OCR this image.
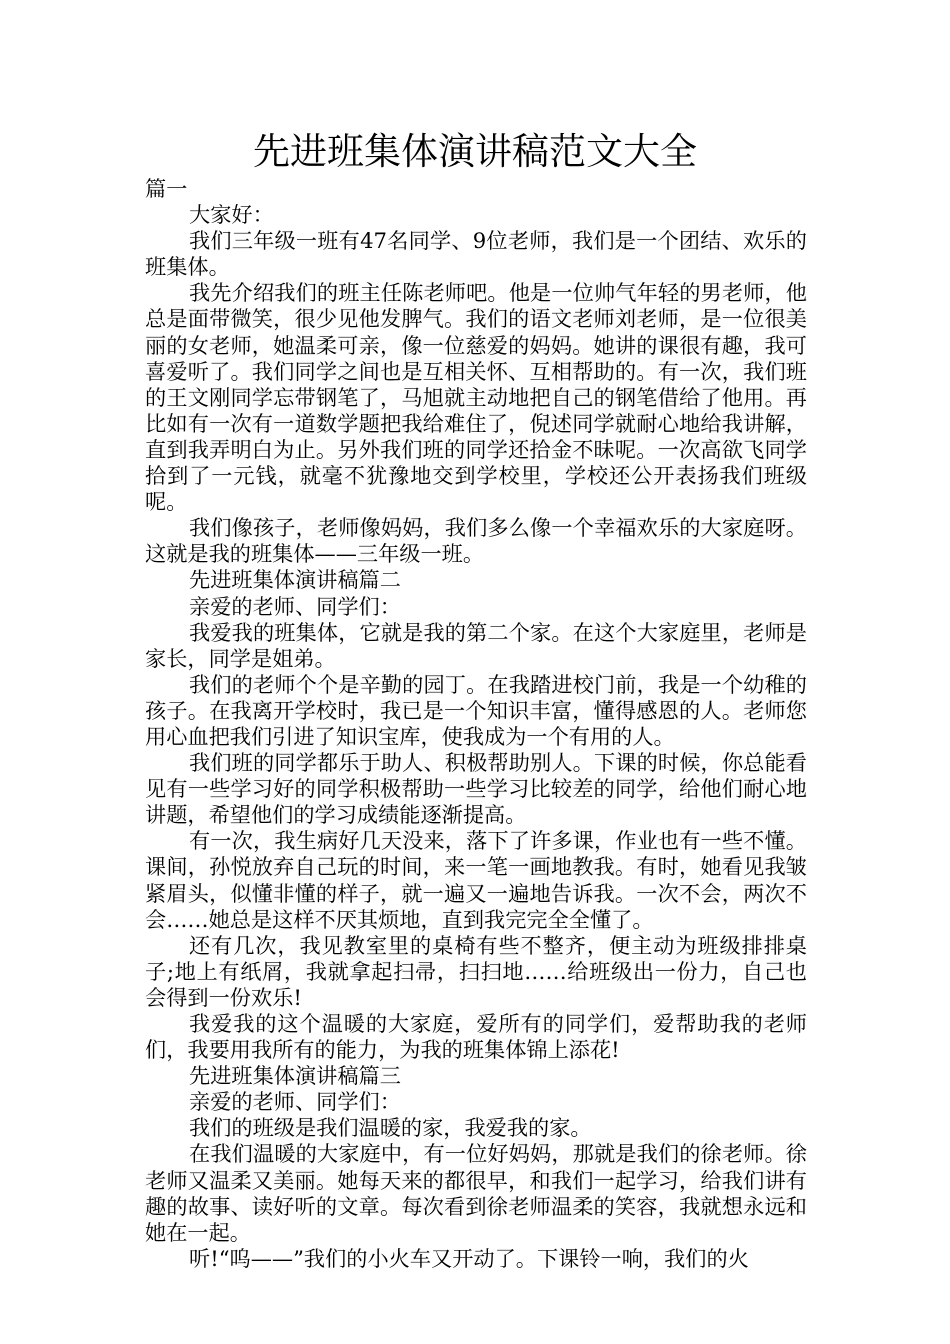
先进班集体演讲稿范文大全

篇一

大家好：

我们三年级一班有47名同学、9位老师，我们是一个团结、欢乐的班集体。

我先介绍我们的班主任陈老师吧。他是一位帅气年轻的男老师，他总是面带微笑，很少见他发脾气。我们的语文老师刘老师，是一位很美丽的女老师，她温柔可亲，像一位慈爱的妈妈。她讲的课很有趣，我可喜爱听了。我们同学之间也是互相关怀、互相帮助的。有一次，我们班的王文刚同学忘带钢笔了，马旭就主动地把自己的钢笔借给了他用。再比如有一次有一道数学题把我给难住了，倪述同学就耐心地给我讲解，直到我弄明白为止。另外我们班的同学还拾金不昧呢。一次高欲飞同学拾到了一元钱，就毫不犹豫地交到学校里，学校还公开表扬我们班级呢。

我们像孩子，老师像妈妈，我们多么像一个幸福欢乐的大家庭呀。这就是我的班集体——三年级一班。

先进班集体演讲稿篇二

亲爱的老师、同学们：

我爱我的班集体，它就是我的第二个家。在这个大家庭里，老师是家长，同学是姐弟。

我们的老师个个是辛勤的园丁。在我踏进校门前，我是一个幼稚的孩子。在我离开学校时，我已是一个知识丰富，懂得感恩的人。老师您用心血把我们引进了知识宝库，使我成为一个有用的人。

我们班的同学都乐于助人、积极帮助别人。下课的时候，你总能看见有一些学习好的同学积极帮助一些学习比较差的同学，给他们耐心地讲题，希望他们的学习成绩能逐渐提高。

有一次，我生病好几天没来，落下了许多课，作业也有一些不懂。课间，孙悦放弃自己玩的时间，来一笔一画地教我。有时，她看见我皱紧眉头，似懂非懂的样子，就一遍又一遍地告诉我。一次不会，两次不会……她总是这样不厌其烦地，直到我完完全全懂了。

还有几次，我见教室里的桌椅有些不整齐，便主动为班级排排桌子;地上有纸屑，我就拿起扫帚，扫扫地……给班级出一份力，自己也会得到一份欢乐!

我爱我的这个温暖的大家庭，爱所有的同学们，爱帮助我的老师们，我要用我所有的能力，为我的班集体锦上添花!

先进班集体演讲稿篇三

亲爱的老师、同学们：

我们的班级是我们温暖的家，我爱我的家。

在我们温暖的大家庭中，有一位好妈妈，那就是我们的徐老师。徐老师又温柔又美丽。她每天来的都很早，和我们一起学习，给我们讲有趣的故事、读好听的文章。每次看到徐老师温柔的笑容，我就想永远和她在一起。

听!“呜——”我们的小火车又开动了。下课铃一响，我们的火
